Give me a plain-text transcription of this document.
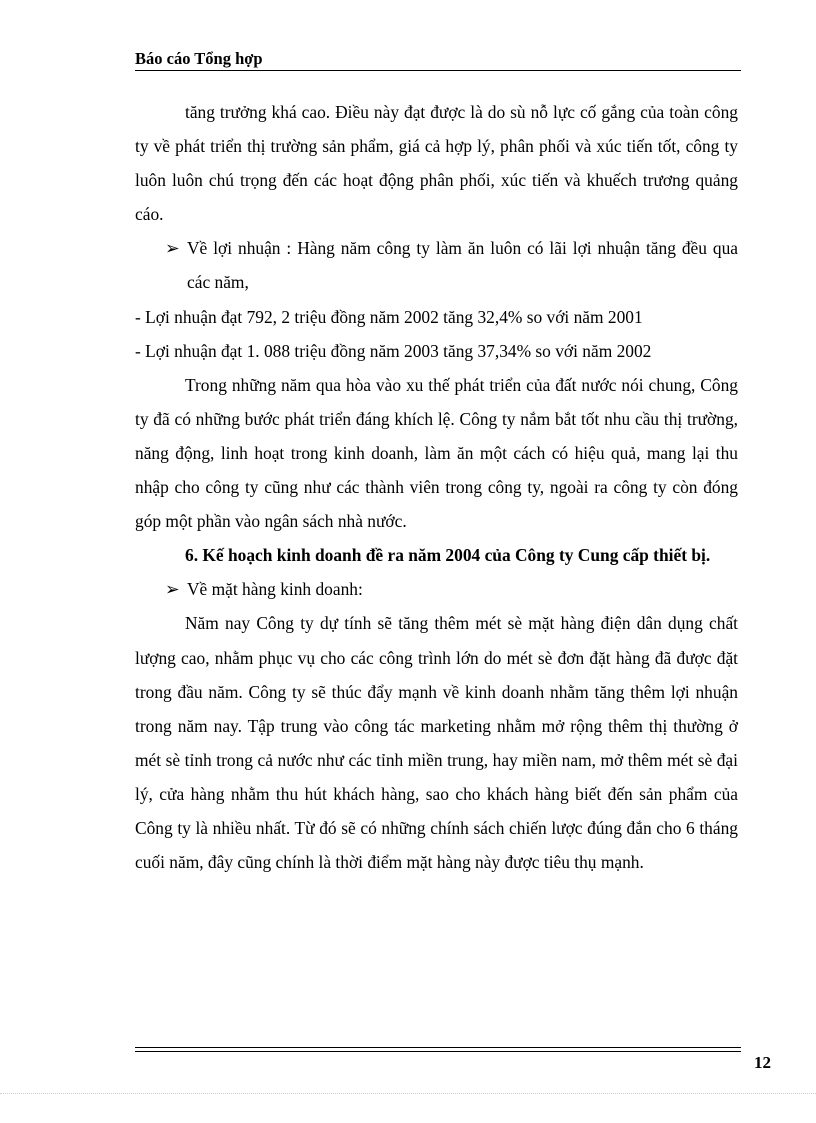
Báo cáo Tổng hợp

tăng trưởng khá cao. Điều này đạt được là do sù nỗ lực cố gắng của toàn công ty về phát triển thị trường sản phẩm, giá cả hợp lý, phân phối và xúc tiến tốt, công ty luôn luôn chú trọng đến các hoạt động phân phối, xúc tiến và khuếch trương quảng cáo.

➢ Về lợi nhuận : Hàng năm công ty làm ăn luôn có lãi lợi nhuận tăng đều qua các năm,

- Lợi nhuận đạt 792, 2 triệu đồng năm 2002 tăng 32,4% so với năm 2001

- Lợi nhuận đạt 1. 088 triệu đồng năm 2003 tăng 37,34% so với năm 2002

Trong những năm qua hòa vào xu thế phát triển của đất nước nói chung, Công ty đã có những bước phát triển đáng khích lệ. Công ty nắm bắt tốt nhu cầu thị trường, năng động, linh hoạt trong kinh doanh, làm ăn một cách có hiệu quả, mang lại thu nhập cho công ty cũng như các thành viên trong công ty, ngoài ra công ty còn đóng góp một phần vào ngân sách nhà nước.

6. Kế hoạch kinh doanh đề ra năm 2004 của Công ty Cung cấp thiết bị.

➢ Về mặt hàng kinh doanh:

Năm nay Công ty dự tính sẽ tăng thêm mét sè mặt hàng điện dân dụng chất lượng cao, nhằm phục vụ cho các công trình lớn do mét sè đơn đặt hàng đã được đặt trong đầu năm. Công ty sẽ thúc đẩy mạnh về kinh doanh nhằm tăng thêm lợi nhuận trong năm nay. Tập trung vào công tác marketing nhằm mở rộng thêm thị thường ở mét sè tỉnh trong cả nước như các tỉnh miền trung, hay miền nam, mở thêm mét sè đại lý, cửa hàng nhằm thu hút khách hàng, sao cho khách hàng biết đến sản phẩm của Công ty là nhiều nhất. Từ đó sẽ có những chính sách chiến lược đúng đắn cho 6 tháng cuối năm, đây cũng chính là thời điểm mặt hàng này được tiêu thụ mạnh.

12
